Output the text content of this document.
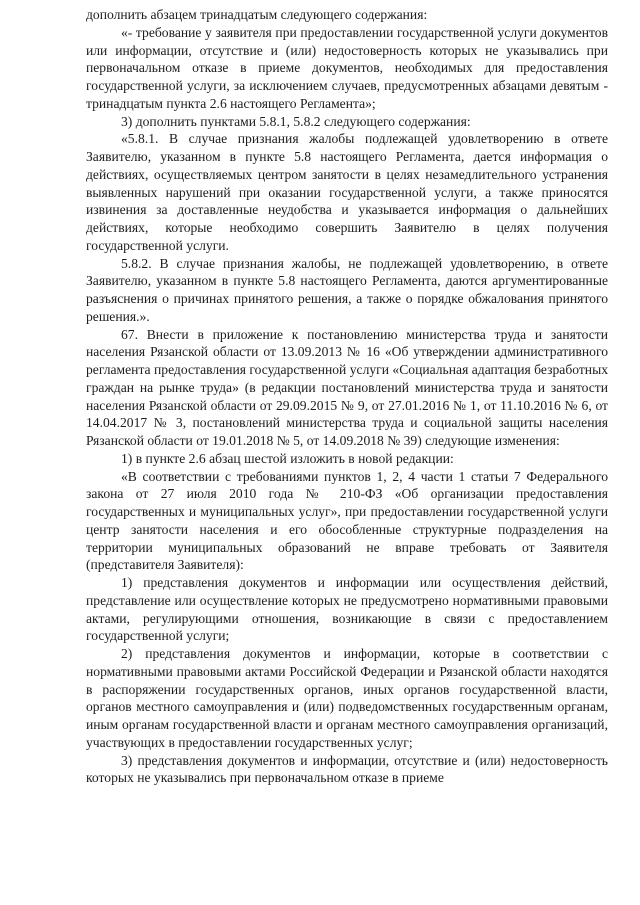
дополнить абзацем тринадцатым следующего содержания:

«- требование у заявителя при предоставлении государственной услуги документов или информации, отсутствие и (или) недостоверность которых не указывались при первоначальном отказе в приеме документов, необходимых для предоставления государственной услуги, за исключением случаев, предусмотренных абзацами девятым - тринадцатым пункта 2.6 настоящего Регламента»;

3) дополнить пунктами 5.8.1, 5.8.2 следующего содержания:

«5.8.1. В случае признания жалобы подлежащей удовлетворению в ответе Заявителю, указанном в пункте 5.8 настоящего Регламента, дается информация о действиях, осуществляемых центром занятости в целях незамедлительного устранения выявленных нарушений при оказании государственной услуги, а также приносятся извинения за доставленные неудобства и указывается информация о дальнейших действиях, которые необходимо совершить Заявителю в целях получения государственной услуги.

5.8.2. В случае признания жалобы, не подлежащей удовлетворению, в ответе Заявителю, указанном в пункте 5.8 настоящего Регламента, даются аргументированные разъяснения о причинах принятого решения, а также о порядке обжалования принятого решения.».

67. Внести в приложение к постановлению министерства труда и занятости населения Рязанской области от 13.09.2013 № 16 «Об утверждении административного регламента предоставления государственной услуги «Социальная адаптация безработных граждан на рынке труда» (в редакции постановлений министерства труда и занятости населения Рязанской области от 29.09.2015 № 9, от 27.01.2016 № 1, от 11.10.2016 № 6, от 14.04.2017 № 3, постановлений министерства труда и социальной защиты населения Рязанской области от 19.01.2018 № 5, от 14.09.2018 № 39) следующие изменения:

1) в пункте 2.6 абзац шестой изложить в новой редакции:

«В соответствии с требованиями пунктов 1, 2, 4 части 1 статьи 7 Федерального закона от 27 июля 2010 года № 210-ФЗ «Об организации предоставления государственных и муниципальных услуг», при предоставлении государственной услуги центр занятости населения и его обособленные структурные подразделения на территории муниципальных образований не вправе требовать от Заявителя (представителя Заявителя):

1) представления документов и информации или осуществления действий, представление или осуществление которых не предусмотрено нормативными правовыми актами, регулирующими отношения, возникающие в связи с предоставлением государственной услуги;

2) представления документов и информации, которые в соответствии с нормативными правовыми актами Российской Федерации и Рязанской области находятся в распоряжении государственных органов, иных органов государственной власти, органов местного самоуправления и (или) подведомственных государственным органам, иным органам государственной власти и органам местного самоуправления организаций, участвующих в предоставлении государственных услуг;

3) представления документов и информации, отсутствие и (или) недостоверность которых не указывались при первоначальном отказе в приеме
